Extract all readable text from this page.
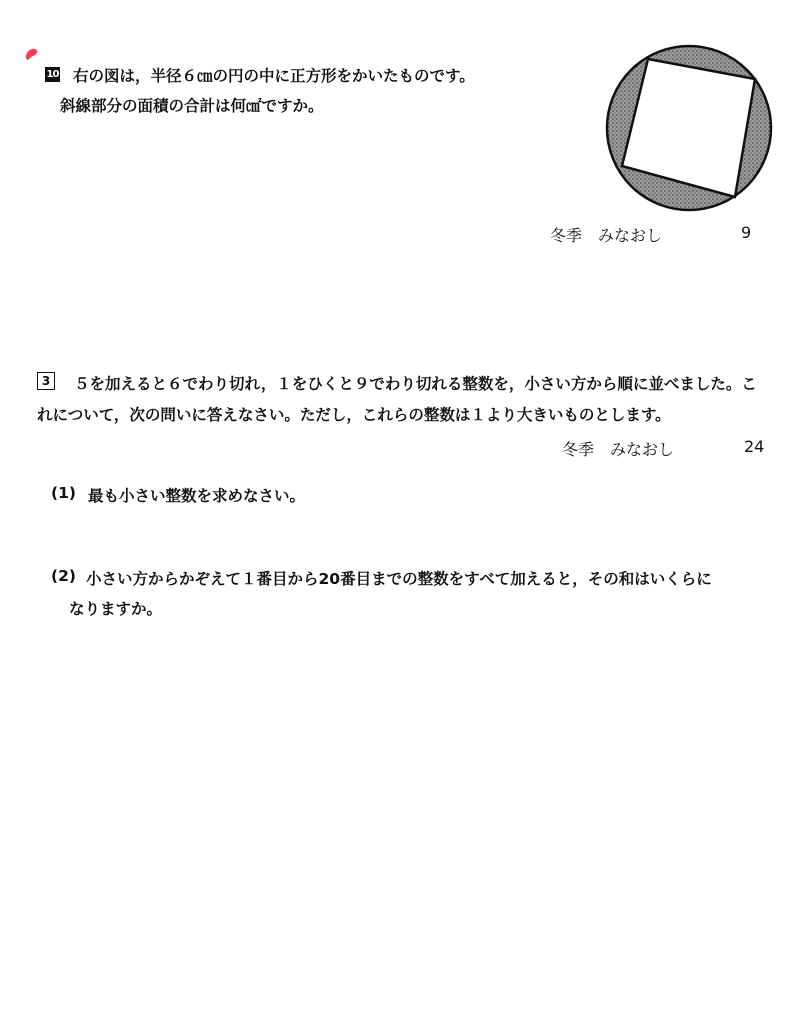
10 右の図は，半径６㎝の円の中に正方形をかいたものです。
斜線部分の面積の合計は何㎠ですか。
冬季　みなおし	9
3	５を加えると６でわり切れ，１をひくと９でわり切れる整数を，小さい方から順に並べました。これについて，次の問いに答えなさい。ただし，これらの整数は１より大きいものとします。
冬季　みなおし	24
(1) 最も小さい整数を求めなさい。
(2) 小さい方からかぞえて１番目から20番目までの整数をすべて加えると，その和はいくらに
なりますか。
